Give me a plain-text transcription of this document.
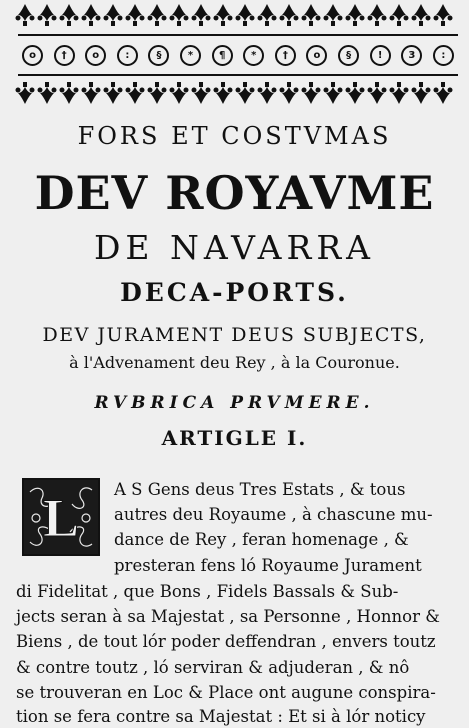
o	†	o	:	§	*	¶	*	†	o	§	!	3	:
FORS ET COSTVMAS
DEV ROYAVME
DE NAVARRA
DECA-PORTS.
DEV JURAMENT DEUS SUBJECTS,
à l'Advenament deu Rey , à la Couronue.
RVBRICA PRVMERE.
ARTIGLE I.
L A S Gens deus Tres Estats , & tous
autres deu Royaume , à chascune mu-
dance de Rey , feran homenage , &
presteran fens ló Royaume Jurament
di Fidelitat , que Bons , Fidels Bassals & Sub-
jects seran à sa Majestat , sa Personne , Honnor &
Biens , de tout lór poder deffendran , envers toutz
& contre toutz , ló serviran & adjuderan , & nô
se trouveran en Loc & Place ont augune conspira-
tion se fera contre sa Majestat : Et si à lór noticy
